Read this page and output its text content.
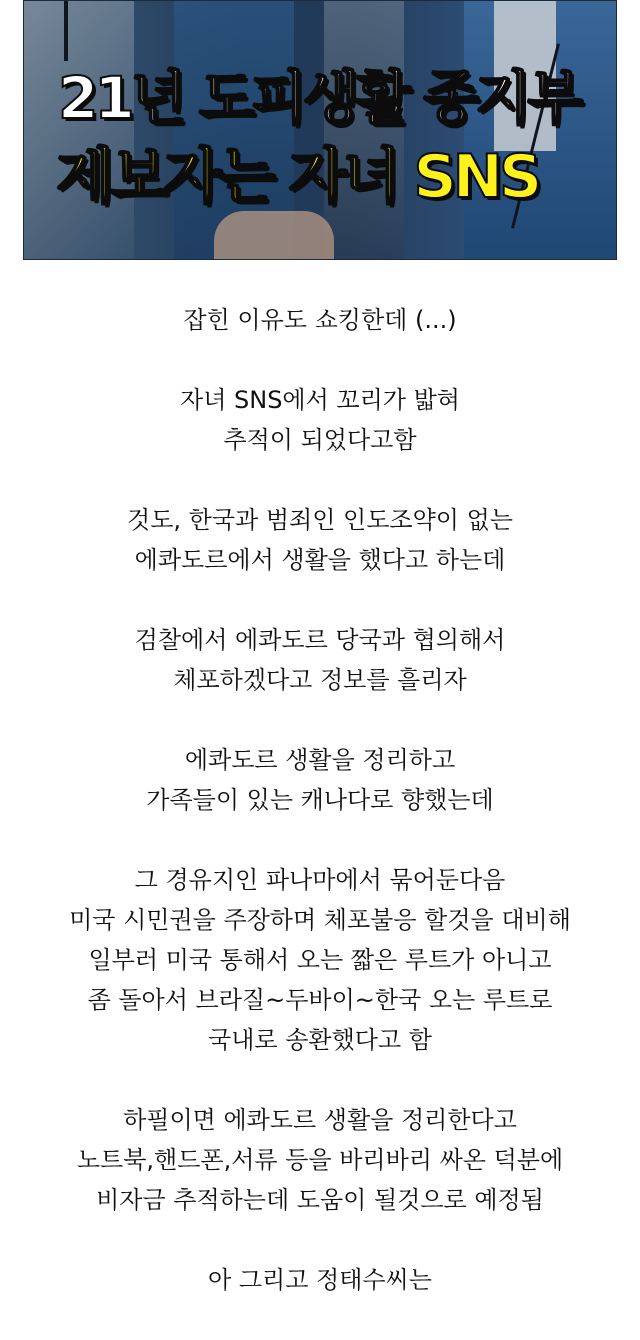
21년 도피생활 종지부
제보자는 자녀 SNS

잡힌 이유도 쇼킹한데 (...)

자녀 SNS에서 꼬리가 밟혀
추적이 되었다고함

것도, 한국과 범죄인 인도조약이 없는
에콰도르에서 생활을 했다고 하는데

검찰에서 에콰도르 당국과 협의해서
체포하겠다고 정보를 흘리자

에콰도르 생활을 정리하고
가족들이 있는 캐나다로 향했는데

그 경유지인 파나마에서 묶어둔다음
미국 시민권을 주장하며 체포불응 할것을 대비해
일부러 미국 통해서 오는 짧은 루트가 아니고
좀 돌아서 브라질~두바이~한국 오는 루트로
국내로 송환했다고 함

하필이면 에콰도르 생활을 정리한다고
노트북,핸드폰,서류 등을 바리바리 싸온 덕분에
비자금 추적하는데 도움이 될것으로 예정됨

아 그리고 정태수씨는
